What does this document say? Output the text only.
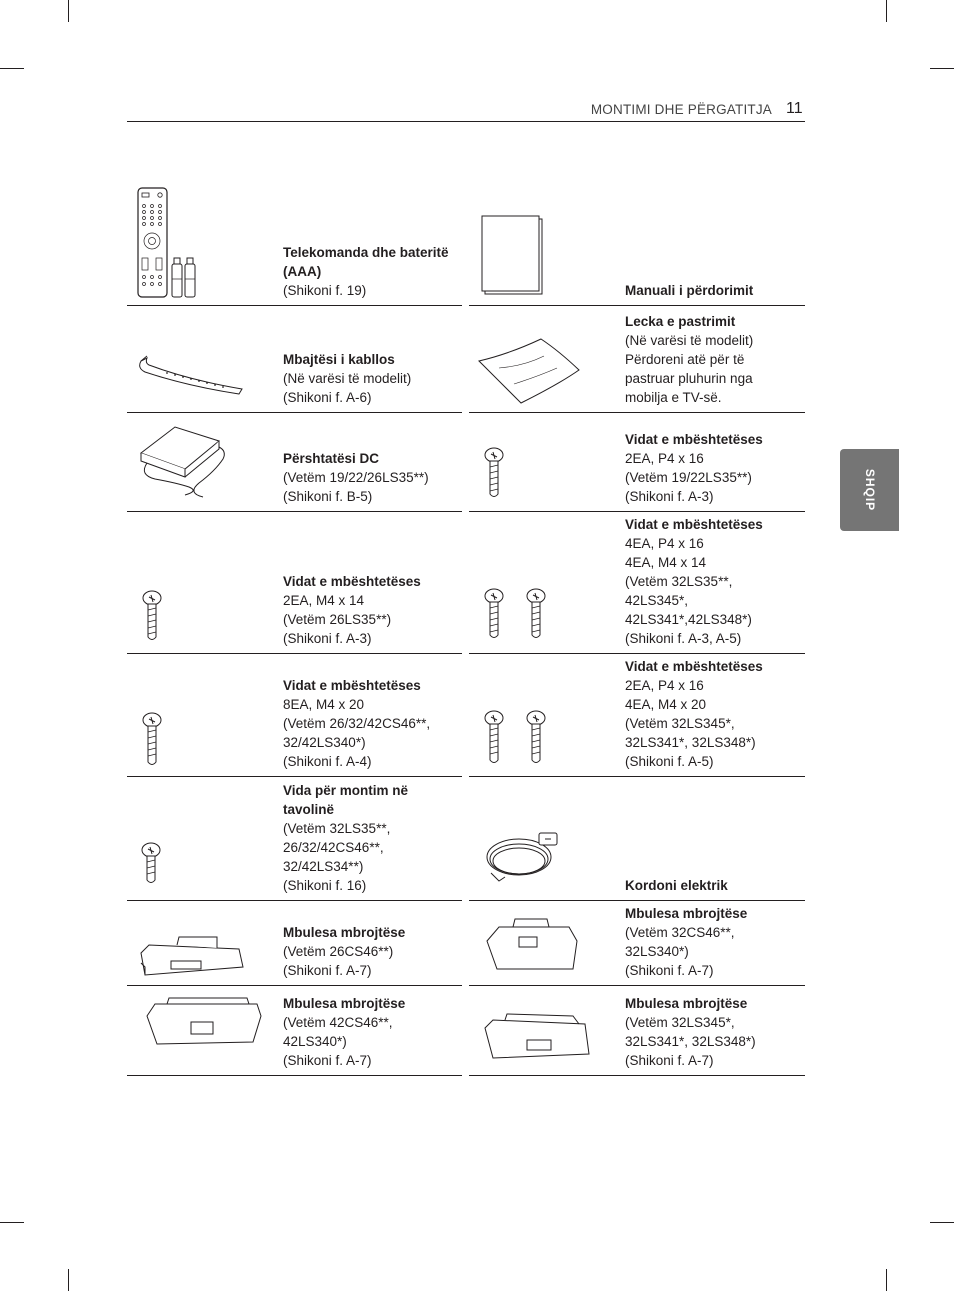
MONTIMI DHE PËRGATITJA 11
SHQIP
Telekomanda dhe bateritë (AAA)
(Shikoni f. 19)	Manuali i përdorimit
Mbajtësi i kabllos
(Në varësi të modelit)
(Shikoni f. A-6)
Lecka e pastrimit
(Në varësi të modelit)
Përdoreni atë për të
pastruar pluhurin nga
mobilja e TV-së.
Përshtatësi DC
(Vetëm 19/22/26LS35**)
(Shikoni f. B-5)
Vidat e mbështetëses
2EA, P4 x 16
(Vetëm 19/22LS35**)
(Shikoni f. A-3)
Vidat e mbështetëses
2EA, M4 x 14
(Vetëm 26LS35**)
(Shikoni f. A-3)
Vidat e mbështetëses
4EA, P4 x 16
4EA, M4 x 14
(Vetëm 32LS35**,
42LS345*,
42LS341*,42LS348*)
(Shikoni f. A-3, A-5)
Vidat e mbështetëses
8EA, M4 x 20
(Vetëm 26/32/42CS46**,
32/42LS340*)
(Shikoni f. A-4)
Vidat e mbështetëses
2EA, P4 x 16
4EA, M4 x 20
(Vetëm 32LS345*,
32LS341*, 32LS348*)
(Shikoni f. A-5)
Vida për montim në tavolinë
(Vetëm 32LS35**,
26/32/42CS46**,
32/42LS34**)
(Shikoni f. 16)	Kordoni elektrik
Mbulesa mbrojtëse
(Vetëm 26CS46**)
(Shikoni f. A-7)
Mbulesa mbrojtëse
(Vetëm 32CS46**,
32LS340*)
(Shikoni f. A-7)
Mbulesa mbrojtëse
(Vetëm 42CS46**,
42LS340*)
(Shikoni f. A-7)
Mbulesa mbrojtëse
(Vetëm 32LS345*,
32LS341*, 32LS348*)
(Shikoni f. A-7)
